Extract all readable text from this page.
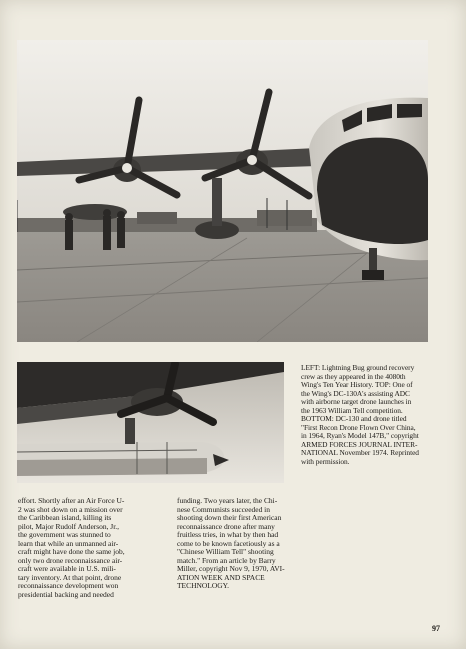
LEFT: Lightning Bug ground recovery
crew as they appeared in the 4080th
Wing's Ten Year History. TOP: One of
the Wing's DC-130A's assisting ADC
with airborne target drone launches in
the 1963 William Tell competition.
BOTTOM: DC-130 and drone titled
"First Recon Drone Flown Over China,
in 1964, Ryan's Model 147B," copyright
ARMED FORCES JOURNAL INTER-
NATIONAL November 1974. Reprinted
with permission.
effort. Shortly after an Air Force U-
2 was shot down on a mission over
the Caribbean island, killing its
pilot, Major Rudolf Anderson, Jr.,
the government was stunned to
learn that while an unmanned air-
craft might have done the same job,
only two drone reconnaissance air-
craft were available in U.S. mili-
tary inventory. At that point, drone
reconnaissance development won
presidential backing and needed
funding. Two years later, the Chi-
nese Communists succeeded in
shooting down their first American
reconnaissance drone after many
fruitless tries, in what by then had
come to be known facetiously as a
"Chinese William Tell" shooting
match." From an article by Barry
Miller, copyright Nov 9, 1970, AVI-
ATION WEEK AND SPACE
TECHNOLOGY.
97
